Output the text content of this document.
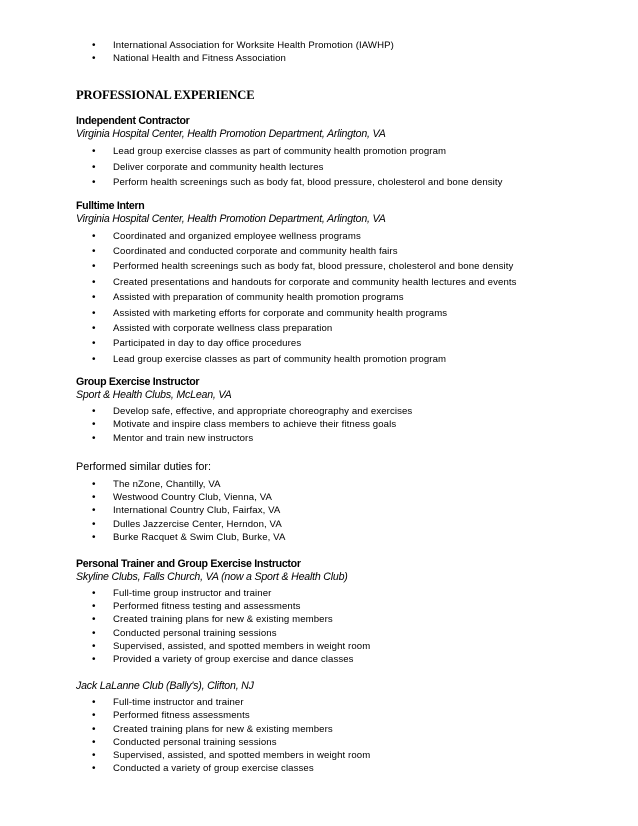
• International Association for Worksite Health Promotion (IAWHP)
• National Health and Fitness Association
PROFESSIONAL EXPERIENCE
Independent Contractor
Virginia Hospital Center, Health Promotion Department, Arlington, VA
• Lead group exercise classes as part of community health promotion program
• Deliver corporate and community health lectures
• Perform health screenings such as body fat, blood pressure, cholesterol and bone density
Fulltime Intern
Virginia Hospital Center, Health Promotion Department, Arlington, VA
• Coordinated and organized employee wellness programs
• Coordinated and conducted corporate and community health fairs
• Performed health screenings such as body fat, blood pressure, cholesterol and bone density
• Created presentations and handouts for corporate and community health lectures and events
• Assisted with preparation of community health promotion programs
• Assisted with marketing efforts for corporate and community health programs
• Assisted with corporate wellness class preparation
• Participated in day to day office procedures
• Lead group exercise classes as part of community health promotion program
Group Exercise Instructor
Sport & Health Clubs, McLean, VA
• Develop safe, effective, and appropriate choreography and exercises
• Motivate and inspire class members to achieve their fitness goals
• Mentor and train new instructors
Performed similar duties for:
• The nZone, Chantilly, VA
• Westwood Country Club, Vienna, VA
• International Country Club, Fairfax, VA
• Dulles Jazzercise Center, Herndon, VA
• Burke Racquet & Swim Club, Burke, VA
Personal Trainer and Group Exercise Instructor
Skyline Clubs, Falls Church, VA (now a Sport & Health Club)
• Full-time group instructor and trainer
• Performed fitness testing and assessments
• Created training plans for new & existing members
• Conducted personal training sessions
• Supervised, assisted, and spotted members in weight room
• Provided a variety of group exercise and dance classes
Jack LaLanne Club (Bally's), Clifton, NJ
• Full-time instructor and trainer
• Performed fitness assessments
• Created training plans for new & existing members
• Conducted personal training sessions
• Supervised, assisted, and spotted members in weight room
• Conducted a variety of group exercise classes
